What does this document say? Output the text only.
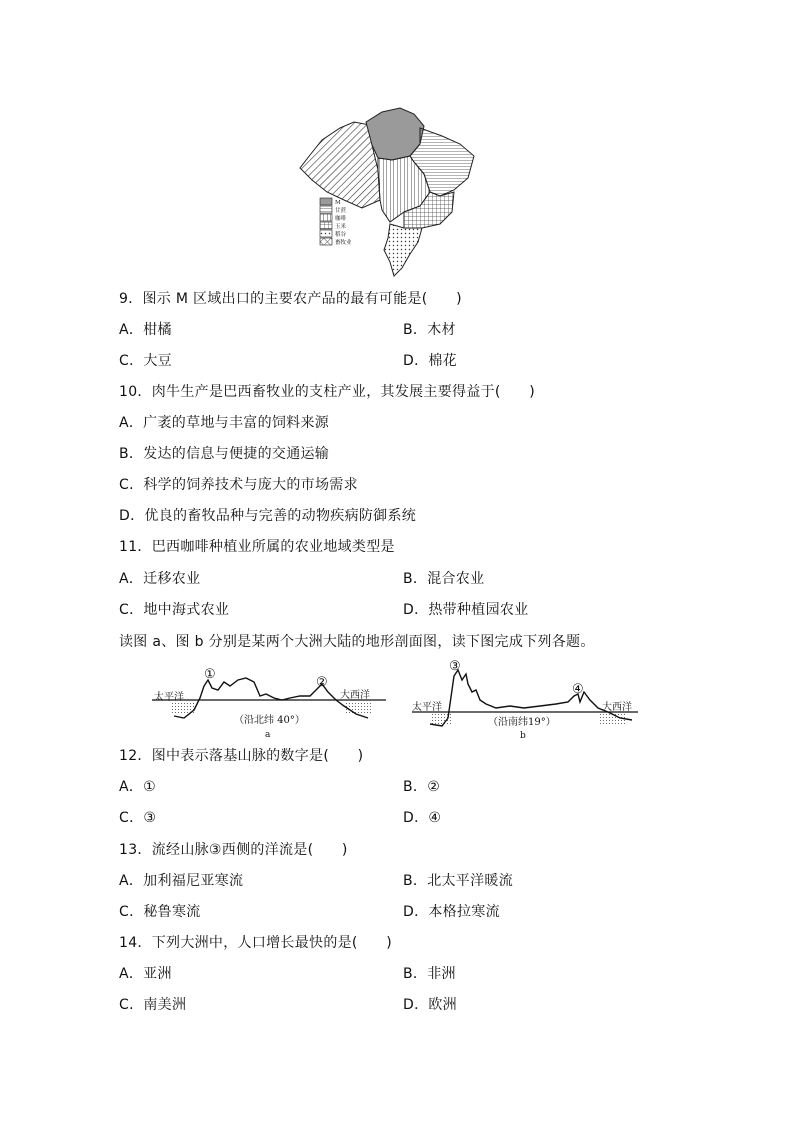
M
甘蔗
咖啡
玉米
稻谷
畜牧业
9．图示 M 区域出口的主要农产品的最有可能是(　　)
A．柑橘	B．木材
C．大豆	D．棉花
10．肉牛生产是巴西畜牧业的支柱产业，其发展主要得益于(　　)
A．广袤的草地与丰富的饲料来源
B．发达的信息与便捷的交通运输
C．科学的饲养技术与庞大的市场需求
D．优良的畜牧品种与完善的动物疾病防御系统
11．巴西咖啡种植业所属的农业地域类型是
A．迁移农业	B．混合农业
C．地中海式农业	D．热带种植园农业
读图 a、图 b 分别是某两个大洲大陆的地形剖面图，读下图完成下列各题。
太平洋	大西洋
①
②
（沿北纬 40°）
a
太平洋	大西洋
③
④
（沿南纬19°）
b
12．图中表示落基山脉的数字是(　　)
A．①	B．②
C．③	D．④
13．流经山脉③西侧的洋流是(　　)
A．加利福尼亚寒流	B．北太平洋暖流
C．秘鲁寒流	D．本格拉寒流
14．下列大洲中，人口增长最快的是(　　)
A．亚洲	B．非洲
C．南美洲	D．欧洲
